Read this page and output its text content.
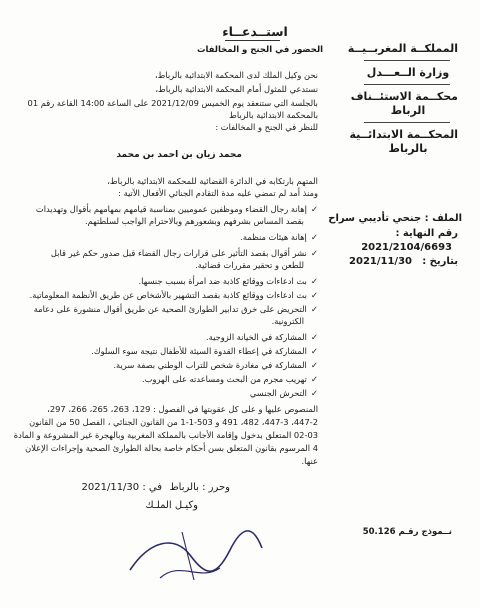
المملكــة المغربــيــة
وزارة الــعـــدل
محكــمة الاستئــناف
الرباط
المحكــمة الابتدائــية
بالرباط
الملف : جنحي تأديبي سراح
رقم النهاية :
2021/2104/6693
بتاريخ :
2021/11/30
نــموذج رقـم 50.126
استــدعــاء
الحضور في الجنح و المخالفات
نحن وكيل الملك لدى المحكمة الابتدائية بالرباط،
نستدعي للمثول أمام المحكمة الابتدائية بالرباط،
بالجلسة التي ستنعقد يوم الخميس 2021/12/09 على الساعة 14:00 القاعة رقم 01
بالمحكمة الابتدائية بالرباط
للنظر في الجنح و المخالفات :
محمد زيان بن احمد بن محمد
المتهم بارتكابه في الدائرة القضائية للمحكمة الابتدائية بالرباط،
ومنذ أمد لم تمضي عليه مدة التقادم الجنائي الأفعال الآتية :
✓إهانة رجال القضاء وموظفين عموميين بمناسبة قيامهم بمهامهم بأقوال وتهديدات
بقصد المساس بشرفهم وبشعورهم وبالاحترام الواجب لسلطتهم.
✓إهانة هيئات منظمة.
✓نشر أقوال بقصد التأثير على قرارات رجال القضاء قبل صدور حكم غير قابل
للطعن و تحقير مقررات قضائية.
✓بث ادعاءات ووقائع كاذبة ضد امرأة بسبب جنسها.
✓بث ادعاءات ووقائع كاذبة بقصد التشهير بالأشخاص عن طريق الأنظمة المعلوماتية.
✓التحريض على خرق تدابير الطوارئ الصحية عن طريق أقوال منشورة على دعامة
الكترونية.
✓المشاركة في الخيانة الزوجية.
✓المشاركة في إعطاء القدوة السيئة للأطفال نتيجة سوء السلوك.
✓المشاركة في مغادرة شخص للتراب الوطني بصفة سرية.
✓تهريب مجرم من البحث ومساعدته على الهروب.
✓التحرش الجنسي
المنصوص عليها و على كل عقوبتها في الفصول : 129، 263، 265، 266، 297،
447-2، 447-3، 482، 491 و 503-1-1 من القانون الجنائي ، الفصل 50 من القانون
02-03 المتعلق بدخول وإقامة الأجانب بالمملكة المغربية وبالهجرة غير المشروعة و المادة
4 المرسوم بقانون المتعلق بسن أحكام خاصة بحالة الطوارئ الصحية وإجراءات الإعلان
عنها.
وحرر : بالرباط
في : 2021/11/30
وكيـل الملـك
